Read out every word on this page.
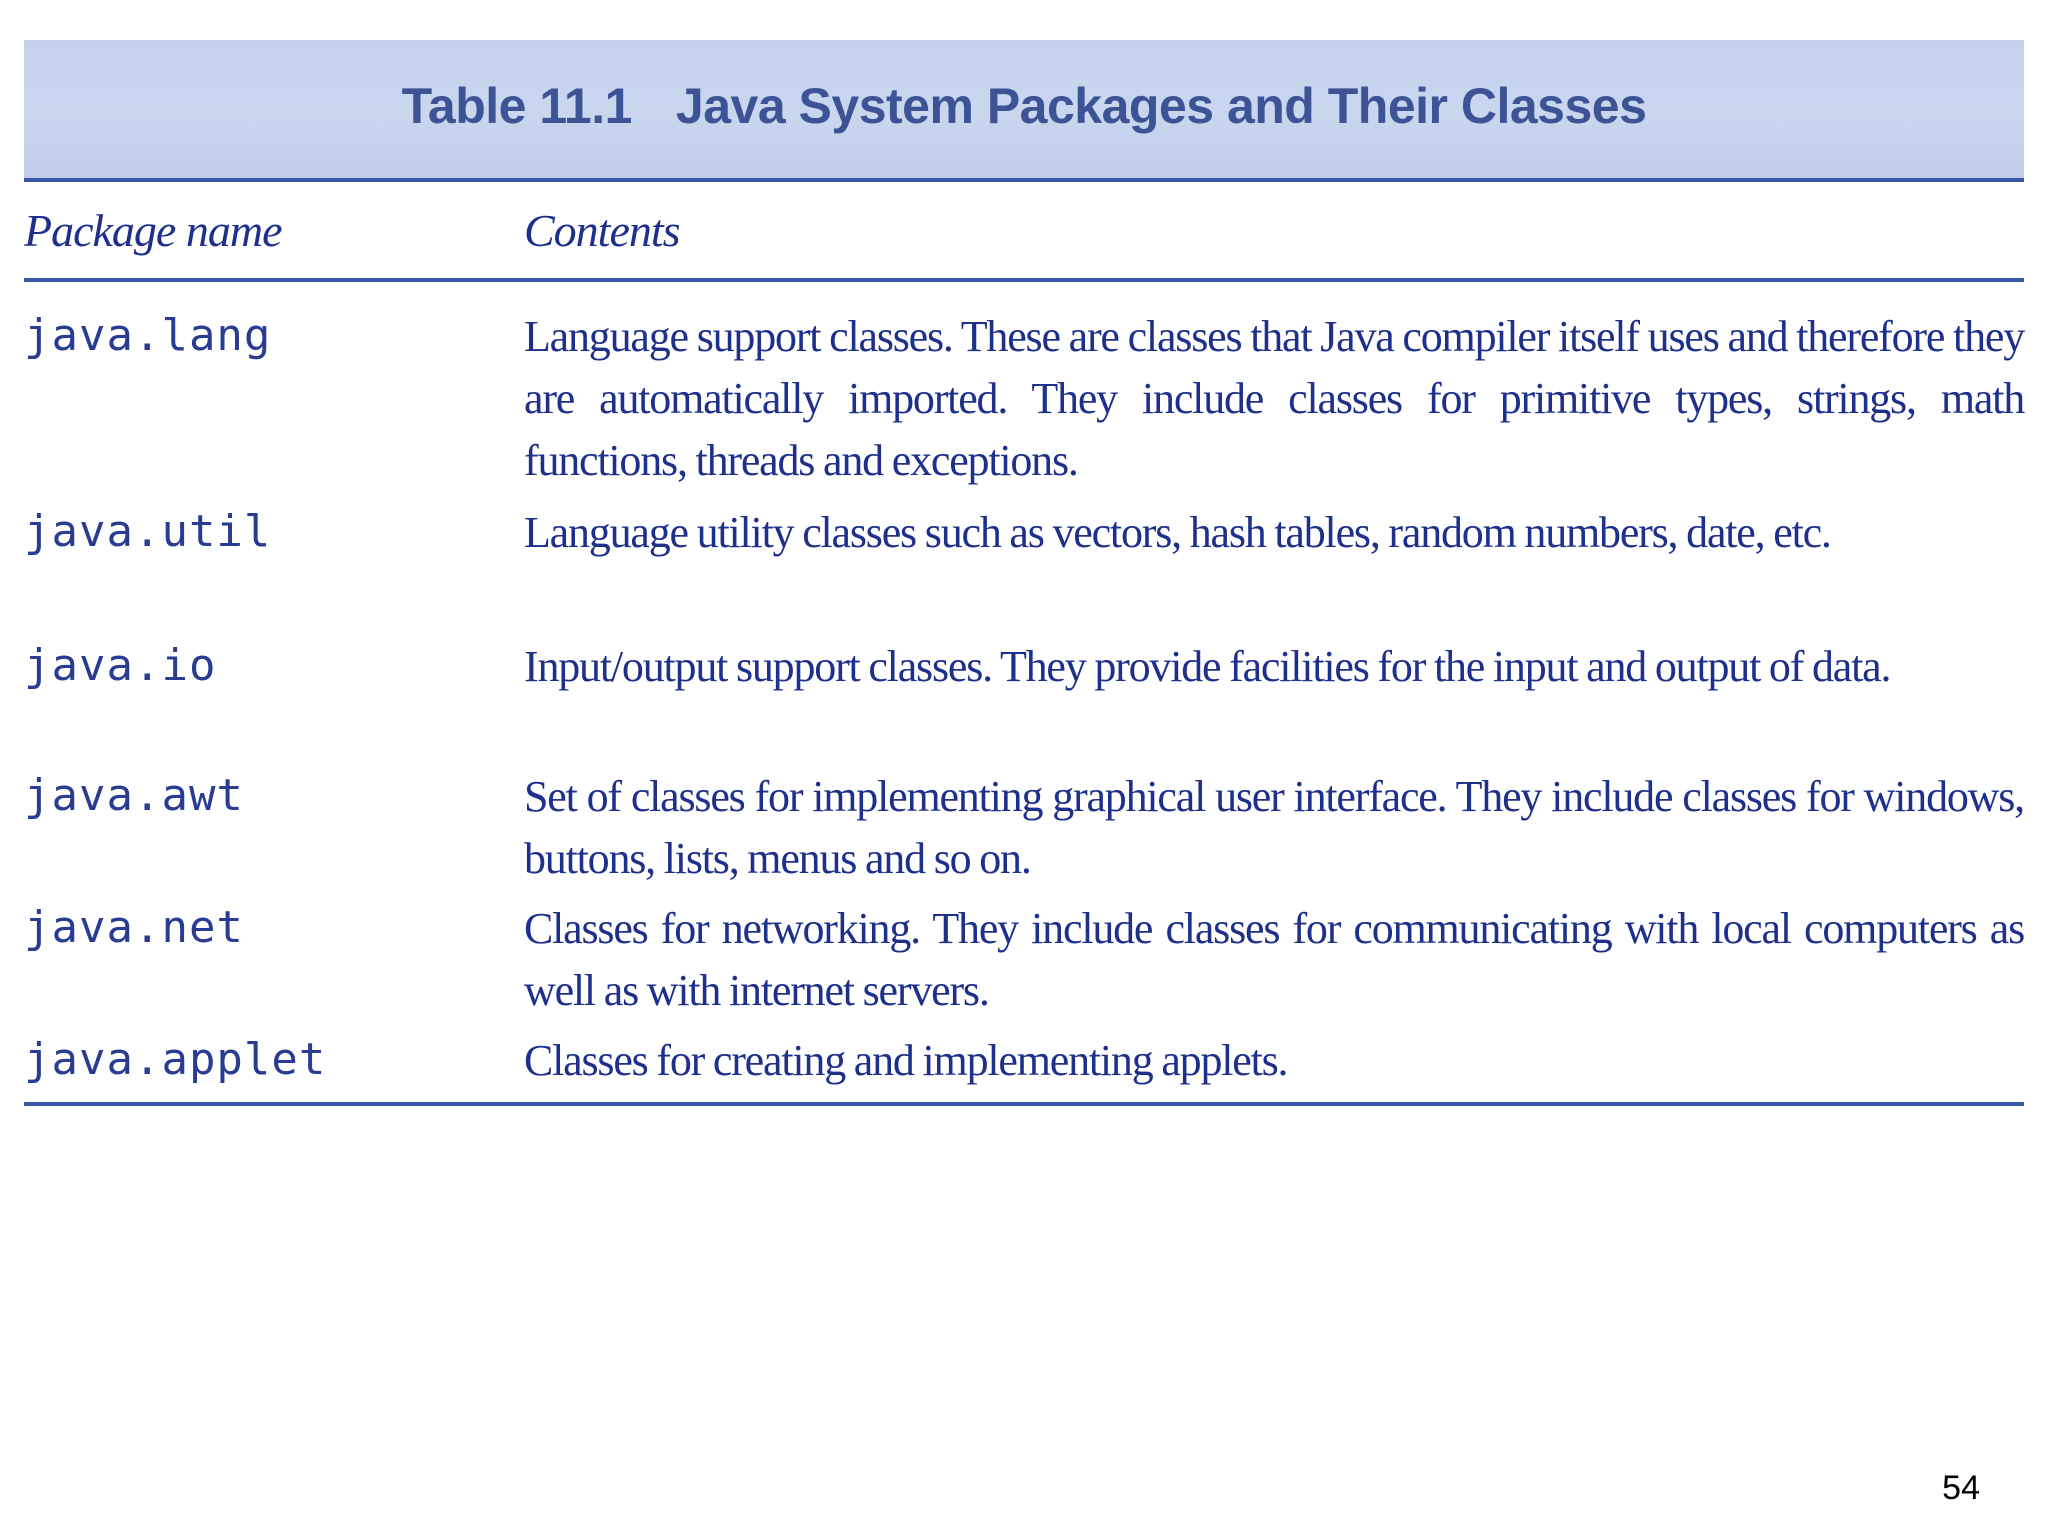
Table 11.1 Java System Packages and Their Classes
Package name	Contents
java.lang	Language support classes. These are classes that Java compiler itself uses and therefore they are automatically imported. They include classes for primitive types, strings, math functions, threads and exceptions.
java.util	Language utility classes such as vectors, hash tables, random numbers, date, etc.
java.io	Input/output support classes. They provide facilities for the input and output of data.
java.awt	Set of classes for implementing graphical user interface. They include classes for windows, buttons, lists, menus and so on.
java.net	Classes for networking. They include classes for communicating with local computers as well as with internet servers.
java.applet	Classes for creating and implementing applets.
54
